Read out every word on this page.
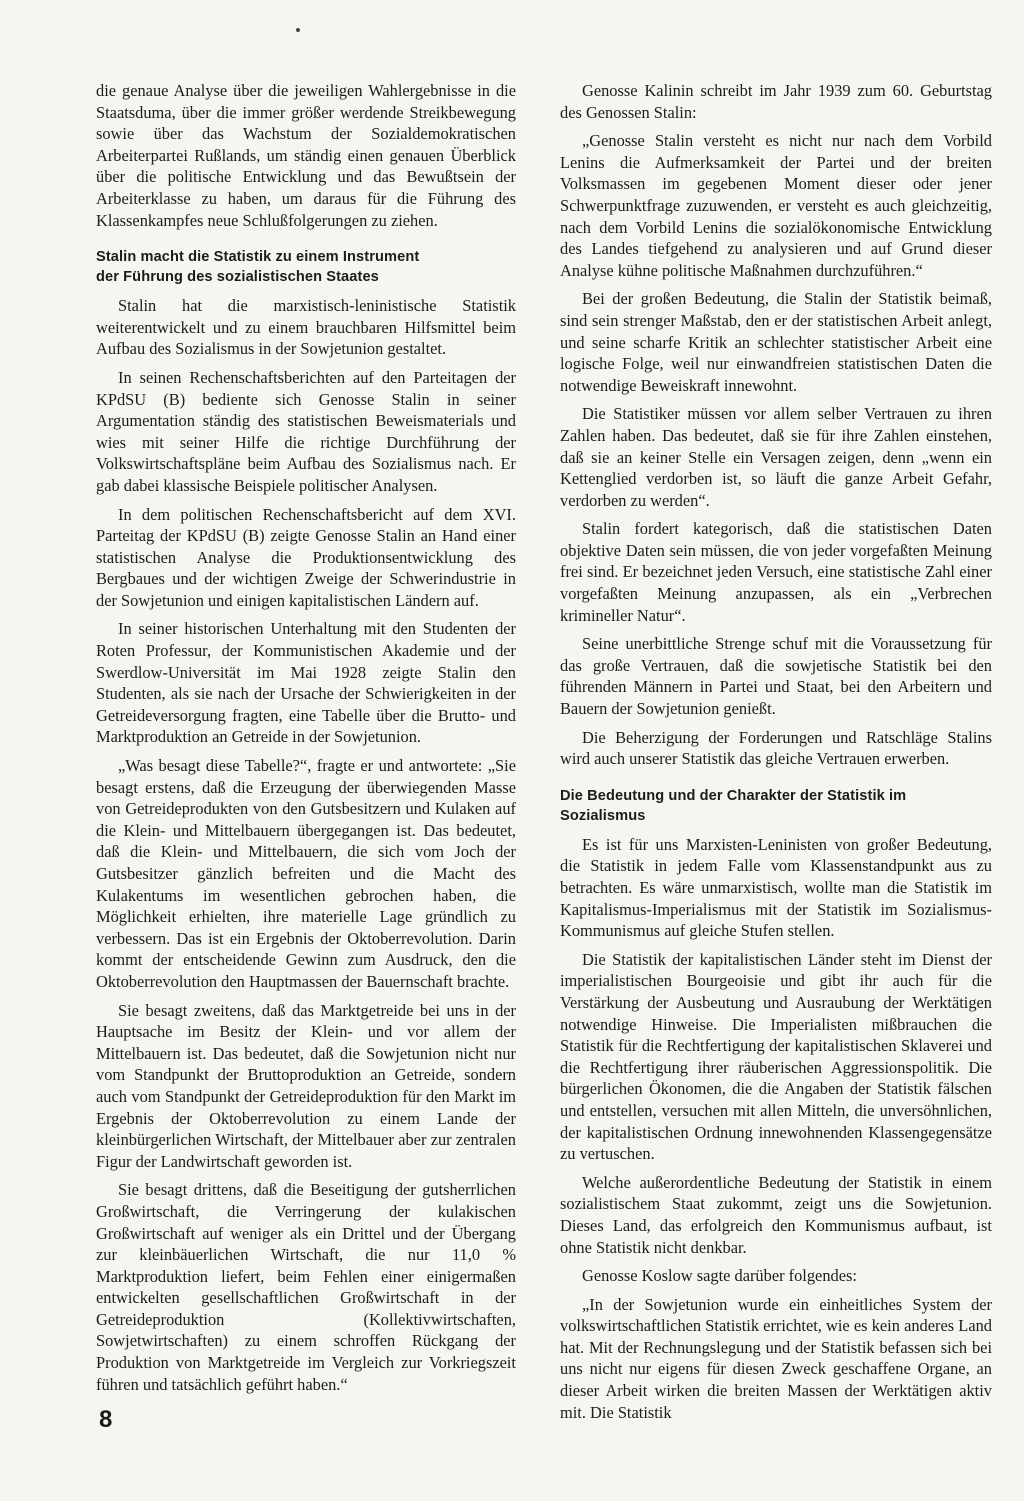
die genaue Analyse über die jeweiligen Wahlergebnisse in die Staatsduma, über die immer größer werdende Streikbewegung sowie über das Wachstum der Sozialdemokratischen Arbeiterpartei Rußlands, um ständig einen genauen Überblick über die politische Entwicklung und das Bewußtsein der Arbeiterklasse zu haben, um daraus für die Führung des Klassenkampfes neue Schlußfolgerungen zu ziehen.

Stalin macht die Statistik zu einem Instrument
der Führung des sozialistischen Staates

Stalin hat die marxistisch-leninistische Statistik weiterentwickelt und zu einem brauchbaren Hilfsmittel beim Aufbau des Sozialismus in der Sowjetunion gestaltet.

In seinen Rechenschaftsberichten auf den Parteitagen der KPdSU (B) bediente sich Genosse Stalin in seiner Argumentation ständig des statistischen Beweismaterials und wies mit seiner Hilfe die richtige Durchführung der Volkswirtschaftspläne beim Aufbau des Sozialismus nach. Er gab dabei klassische Beispiele politischer Analysen.

In dem politischen Rechenschaftsbericht auf dem XVI. Parteitag der KPdSU (B) zeigte Genosse Stalin an Hand einer statistischen Analyse die Produktionsentwicklung des Bergbaues und der wichtigen Zweige der Schwerindustrie in der Sowjetunion und einigen kapitalistischen Ländern auf.

In seiner historischen Unterhaltung mit den Studenten der Roten Professur, der Kommunistischen Akademie und der Swerdlow-Universität im Mai 1928 zeigte Stalin den Studenten, als sie nach der Ursache der Schwierigkeiten in der Getreideversorgung fragten, eine Tabelle über die Brutto- und Marktproduktion an Getreide in der Sowjetunion.

„Was besagt diese Tabelle?“, fragte er und antwortete: „Sie besagt erstens, daß die Erzeugung der überwiegenden Masse von Getreideprodukten von den Gutsbesitzern und Kulaken auf die Klein- und Mittelbauern übergegangen ist. Das bedeutet, daß die Klein- und Mittelbauern, die sich vom Joch der Gutsbesitzer gänzlich befreiten und die Macht des Kulakentums im wesentlichen gebrochen haben, die Möglichkeit erhielten, ihre materielle Lage gründlich zu verbessern. Das ist ein Ergebnis der Oktoberrevolution. Darin kommt der entscheidende Gewinn zum Ausdruck, den die Oktoberrevolution den Hauptmassen der Bauernschaft brachte.

Sie besagt zweitens, daß das Marktgetreide bei uns in der Hauptsache im Besitz der Klein- und vor allem der Mittelbauern ist. Das bedeutet, daß die Sowjetunion nicht nur vom Standpunkt der Bruttoproduktion an Getreide, sondern auch vom Standpunkt der Getreideproduktion für den Markt im Ergebnis der Oktoberrevolution zu einem Lande der kleinbürgerlichen Wirtschaft, der Mittelbauer aber zur zentralen Figur der Landwirtschaft geworden ist.

Sie besagt drittens, daß die Beseitigung der gutsherrlichen Großwirtschaft, die Verringerung der kulakischen Großwirtschaft auf weniger als ein Drittel und der Übergang zur kleinbäuerlichen Wirtschaft, die nur 11,0 % Marktproduktion liefert, beim Fehlen einer einigermaßen entwickelten gesellschaftlichen Großwirtschaft in der Getreideproduktion (Kollektivwirtschaften, Sowjetwirtschaften) zu einem schroffen Rückgang der Produktion von Marktgetreide im Vergleich zur Vorkriegszeit führen und tatsächlich geführt haben.“

Genosse Kalinin schreibt im Jahr 1939 zum 60. Geburtstag des Genossen Stalin:

„Genosse Stalin versteht es nicht nur nach dem Vorbild Lenins die Aufmerksamkeit der Partei und der breiten Volksmassen im gegebenen Moment dieser oder jener Schwerpunktfrage zuzuwenden, er versteht es auch gleichzeitig, nach dem Vorbild Lenins die sozialökonomische Entwicklung des Landes tiefgehend zu analysieren und auf Grund dieser Analyse kühne politische Maßnahmen durchzuführen.“

Bei der großen Bedeutung, die Stalin der Statistik beimaß, sind sein strenger Maßstab, den er der statistischen Arbeit anlegt, und seine scharfe Kritik an schlechter statistischer Arbeit eine logische Folge, weil nur einwandfreien statistischen Daten die notwendige Beweiskraft innewohnt.

Die Statistiker müssen vor allem selber Vertrauen zu ihren Zahlen haben. Das bedeutet, daß sie für ihre Zahlen einstehen, daß sie an keiner Stelle ein Versagen zeigen, denn „wenn ein Kettenglied verdorben ist, so läuft die ganze Arbeit Gefahr, verdorben zu werden“.

Stalin fordert kategorisch, daß die statistischen Daten objektive Daten sein müssen, die von jeder vorgefaßten Meinung frei sind. Er bezeichnet jeden Versuch, eine statistische Zahl einer vorgefaßten Meinung anzupassen, als ein „Verbrechen krimineller Natur“.

Seine unerbittliche Strenge schuf mit die Voraussetzung für das große Vertrauen, daß die sowjetische Statistik bei den führenden Männern in Partei und Staat, bei den Arbeitern und Bauern der Sowjetunion genießt.

Die Beherzigung der Forderungen und Ratschläge Stalins wird auch unserer Statistik das gleiche Vertrauen erwerben.

Die Bedeutung und der Charakter der Statistik im Sozialismus

Es ist für uns Marxisten-Leninisten von großer Bedeutung, die Statistik in jedem Falle vom Klassenstandpunkt aus zu betrachten. Es wäre unmarxistisch, wollte man die Statistik im Kapitalismus-Imperialismus mit der Statistik im Sozialismus-Kommunismus auf gleiche Stufen stellen.

Die Statistik der kapitalistischen Länder steht im Dienst der imperialistischen Bourgeoisie und gibt ihr auch für die Verstärkung der Ausbeutung und Ausraubung der Werktätigen notwendige Hinweise. Die Imperialisten mißbrauchen die Statistik für die Rechtfertigung der kapitalistischen Sklaverei und die Rechtfertigung ihrer räuberischen Aggressionspolitik. Die bürgerlichen Ökonomen, die die Angaben der Statistik fälschen und entstellen, versuchen mit allen Mitteln, die unversöhnlichen, der kapitalistischen Ordnung innewohnenden Klassengegensätze zu vertuschen.

Welche außerordentliche Bedeutung der Statistik in einem sozialistischem Staat zukommt, zeigt uns die Sowjetunion. Dieses Land, das erfolgreich den Kommunismus aufbaut, ist ohne Statistik nicht denkbar.

Genosse Koslow sagte darüber folgendes:

„In der Sowjetunion wurde ein einheitliches System der volkswirtschaftlichen Statistik errichtet, wie es kein anderes Land hat. Mit der Rechnungslegung und der Statistik befassen sich bei uns nicht nur eigens für diesen Zweck geschaffene Organe, an dieser Arbeit wirken die breiten Massen der Werktätigen aktiv mit. Die Statistik

8
